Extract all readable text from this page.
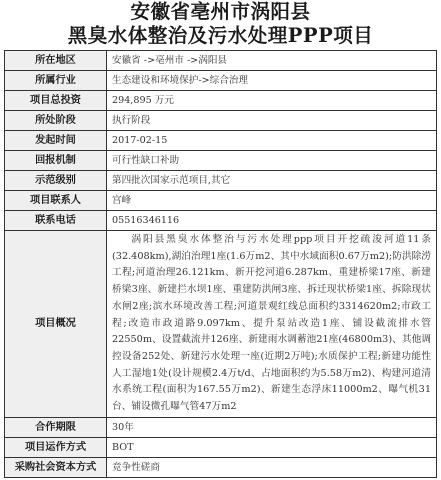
安徽省亳州市涡阳县
黑臭水体整治及污水处理PPP项目
所在地区	安徽省 ->亳州市 ->涡阳县
所属行业	生态建设和环境保护->综合治理
项目总投资	294,895 万元
所处阶段	执行阶段
发起时间	2017-02-15
回报机制	可行性缺口补助
示范级别	第四批次国家示范项目,其它
项目联系人	宫峰
联系电话	05516346116
项目概况	涡阳县黑臭水体整治与污水处理ppp项目开挖疏浚河道11条(32.408km),湖泊治理1座(1.6万m2、其中水域面积0.67万m2);防洪除涝工程;河道治理26.121km、新开挖河道6.287km、重建桥梁17座、新建桥梁3座、新建拦水坝1座、重建防洪闸3座、拆迁现状桥梁1座、拆除现状水闸2座;滨水环境改善工程;河道景观红线总面积约3314620m2;市政工程;改造市政道路9.097km、提升泵站改造1座、铺设截流排水管22550m、设置截流井126座、新建雨水调蓄池21座(46800m3)、其他调控设备252处、新建污水处理一座(近期2万吨);水质保护工程;新建功能性人工湿地1处(设计规模2.4万t/d、占地面积约为5.58万m2)、构建河道清水系统工程(面积为167.55万m2)、新建生态浮床11000m2、曝气机31台、铺设微孔曝气管47万m2
合作期限	30年
项目运作方式	BOT
采购社会资本方式	竞争性磋商
